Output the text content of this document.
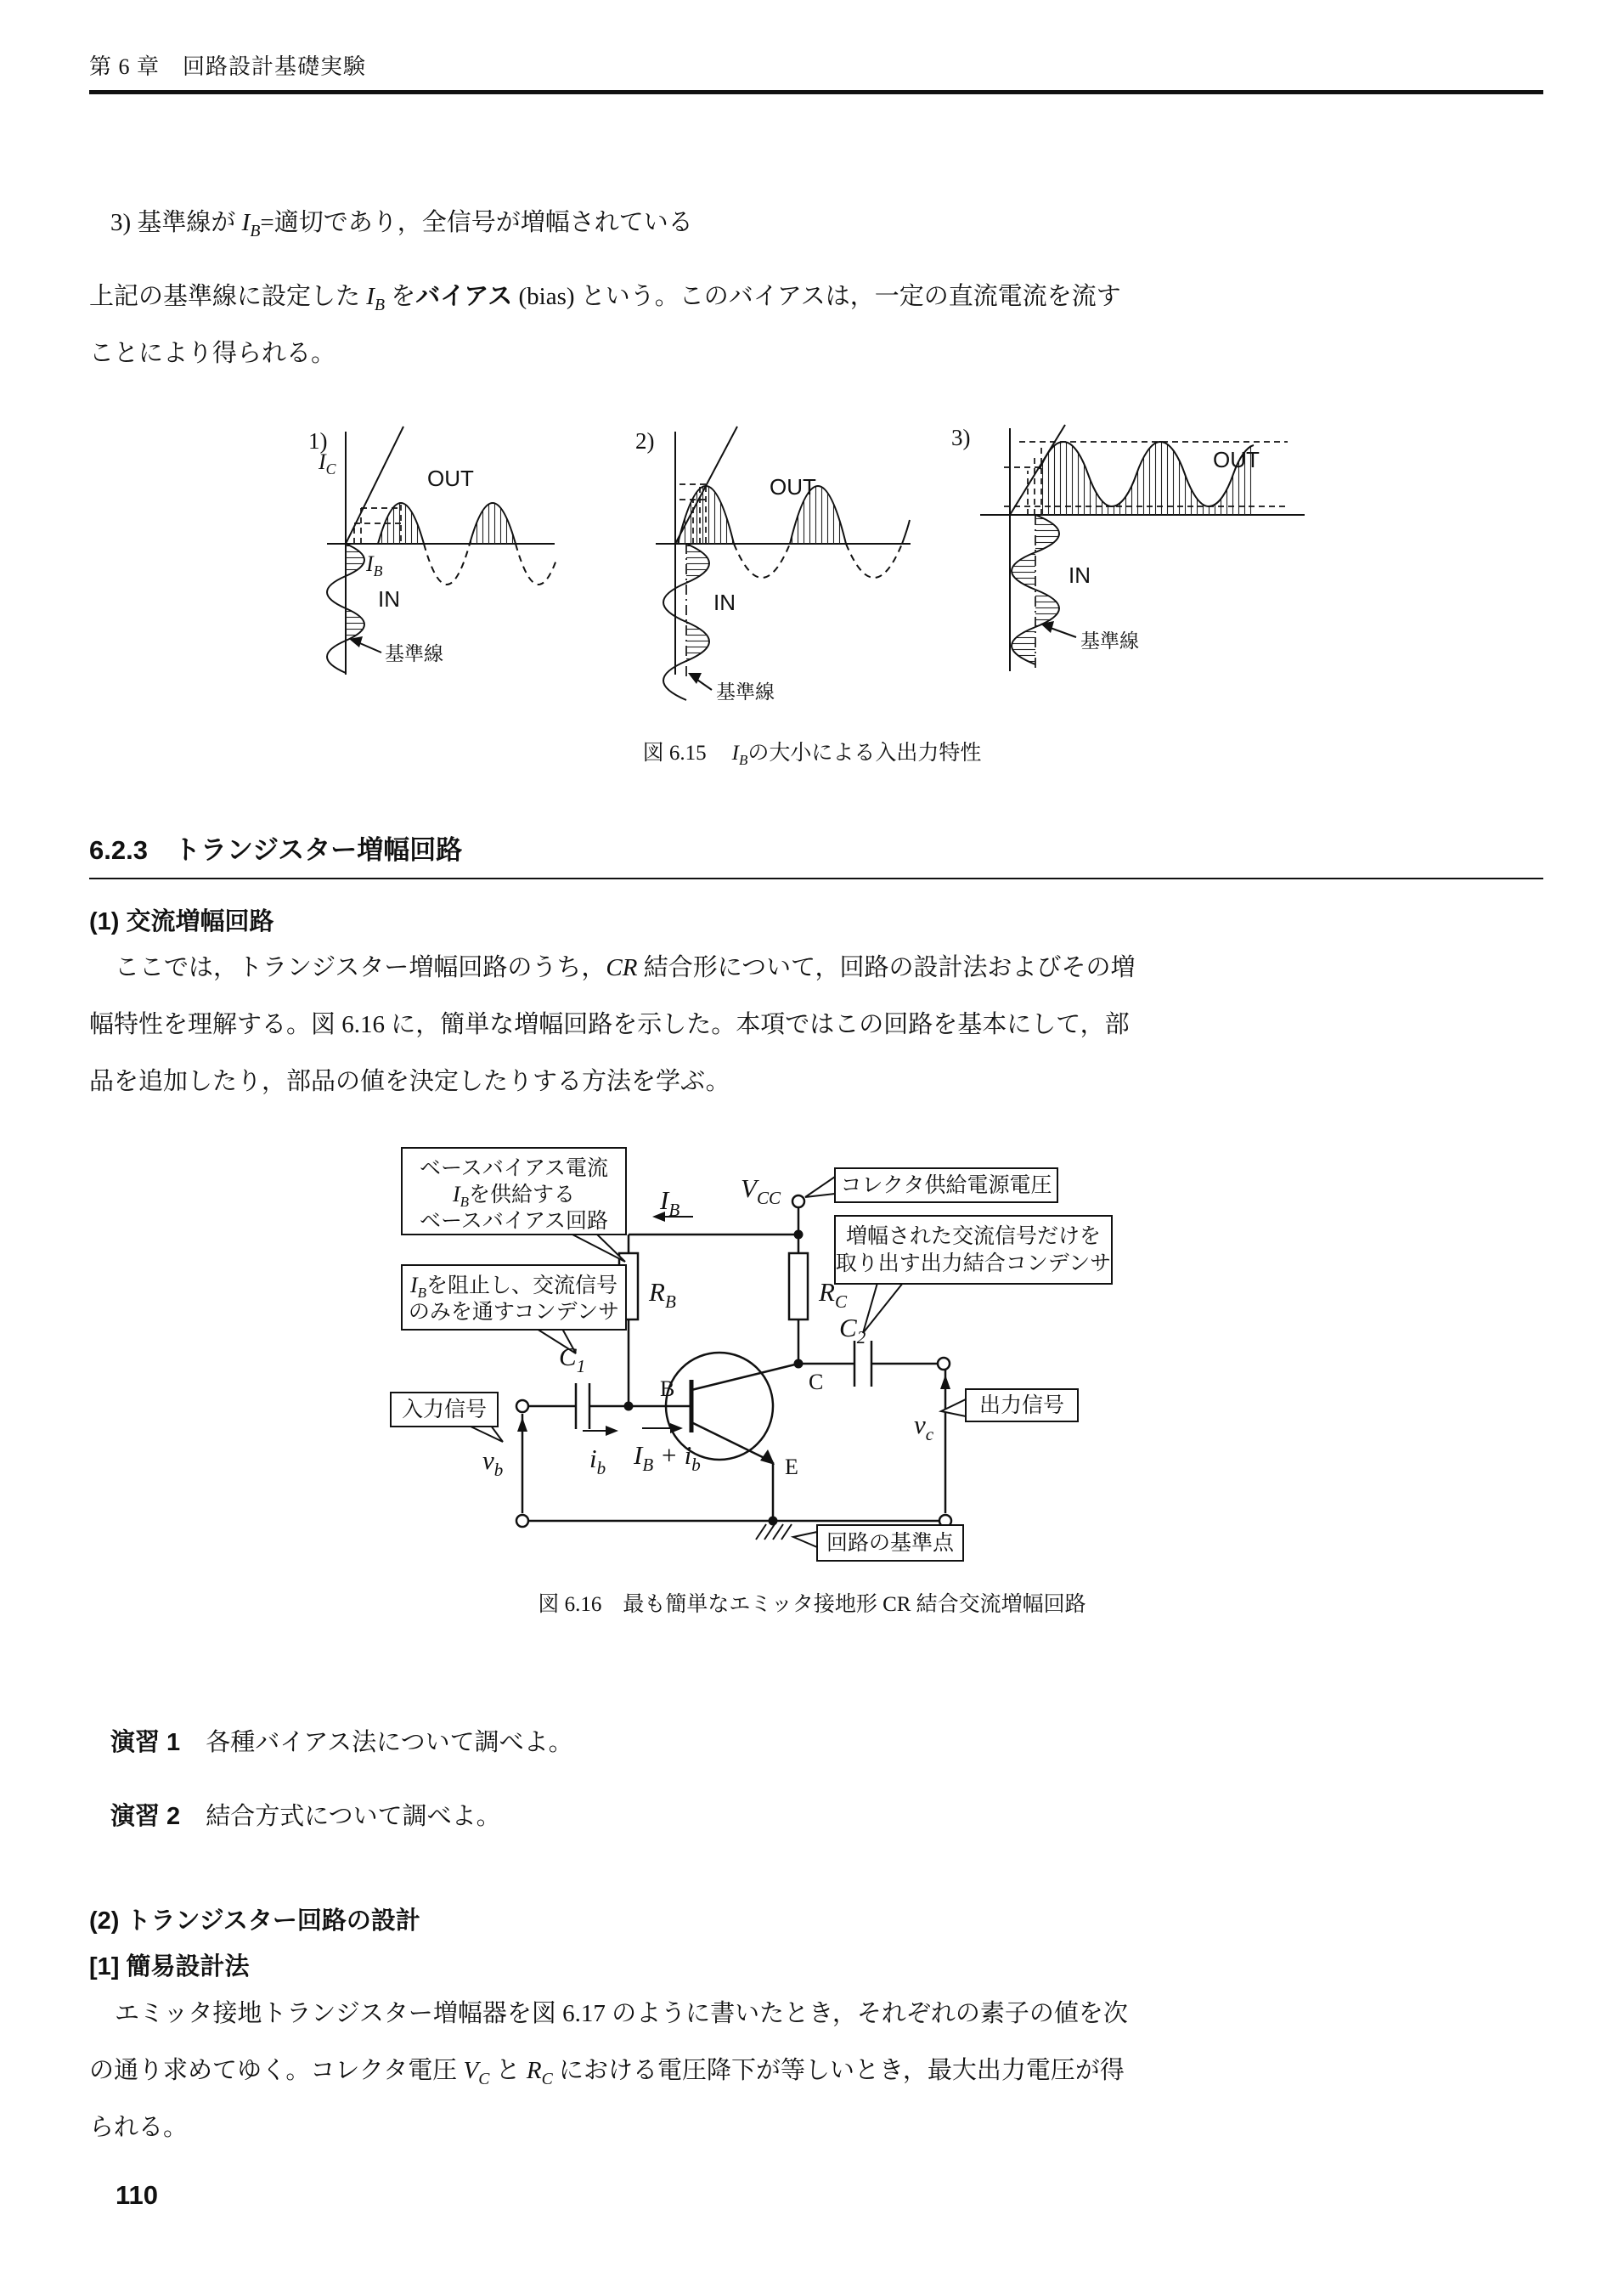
第 6 章　回路設計基礎実験
3) 基準線が $I_B=$適切であり，全信号が増幅されている
上記の基準線に設定した $I_B$ をバイアス (bias) という。このバイアスは，一定の直流電流を流す
ことにより得られる。
1)
$I_C$
$I_B$
OUT
IN
基準線
2)
OUT
IN
基準線
3)
OUT
IN
基準線
図 6.15 $I_B$ の大小による入出力特性
6.2.3　トランジスター増幅回路
(1) 交流増幅回路
ここでは，トランジスター増幅回路のうち，CR 結合形について，回路の設計法およびその増
幅特性を理解する。図 6.16 に，簡単な増幅回路を示した。本項ではこの回路を基本にして，部
品を追加したり，部品の値を決定したりする方法を学ぶ。
ベースバイアス電流
$I_B$を供給する
ベースバイアス回路
$I_B$を阻止し、交流信号
のみを通すコンデンサ
コレクタ供給電源電圧
増幅された交流信号だけを
取り出す出力結合コンデンサ
入力信号	出力信号
回路の基準点
$V_{CC}$
$I_B$
$R_B$	$R_C$
$C_1$
$C_2$
B	C
E
$v_b$
$v_c$
$i_b$ $I_B + i_b$
図 6.16　最も簡単なエミッタ接地形 CR 結合交流増幅回路
演習 1 各種バイアス法について調べよ。
演習 2 結合方式について調べよ。
(2) トランジスター回路の設計
[1] 簡易設計法
エミッタ接地トランジスター増幅器を図 6.17 のように書いたとき，それぞれの素子の値を次
の通り求めてゆく。コレクタ電圧 $V_C$ と $R_C$ における電圧降下が等しいとき，最大出力電圧が得
られる。
110
